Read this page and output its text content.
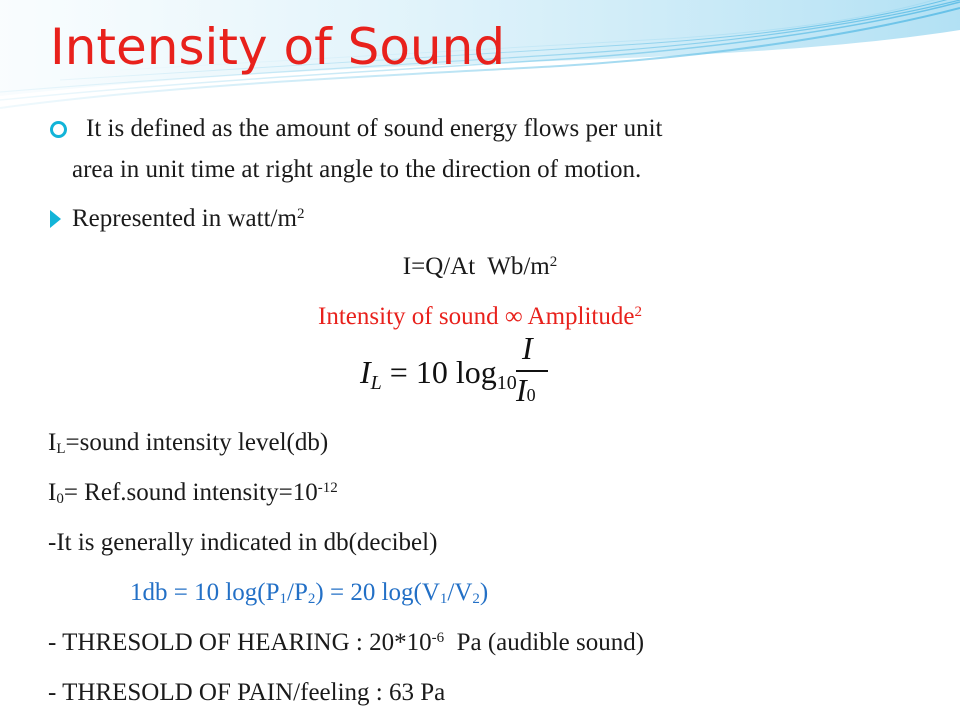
Intensity of Sound
It is defined as the amount of sound energy flows per unit
area in unit time at right angle to the direction of motion.
Represented in watt/$m^2$
I=Q/At  $Wb/m^2$
Intensity of sound ∞ Amplitude$^2$
IL = 10 log10
I
I0
$I_L=sound$ intensity level(db)
$I_0=$ Ref.sound $intensity=10^{-12}$
-It is generally indicated in db(decibel)
1db = 10 $\log(P_1/P_2) = 20$ $\log(V_1/V_2)$
- THRESOLD OF HEARING : $20*10^{-6}$  Pa (audible sound)
- THRESOLD OF PAIN/feeling : 63 Pa
